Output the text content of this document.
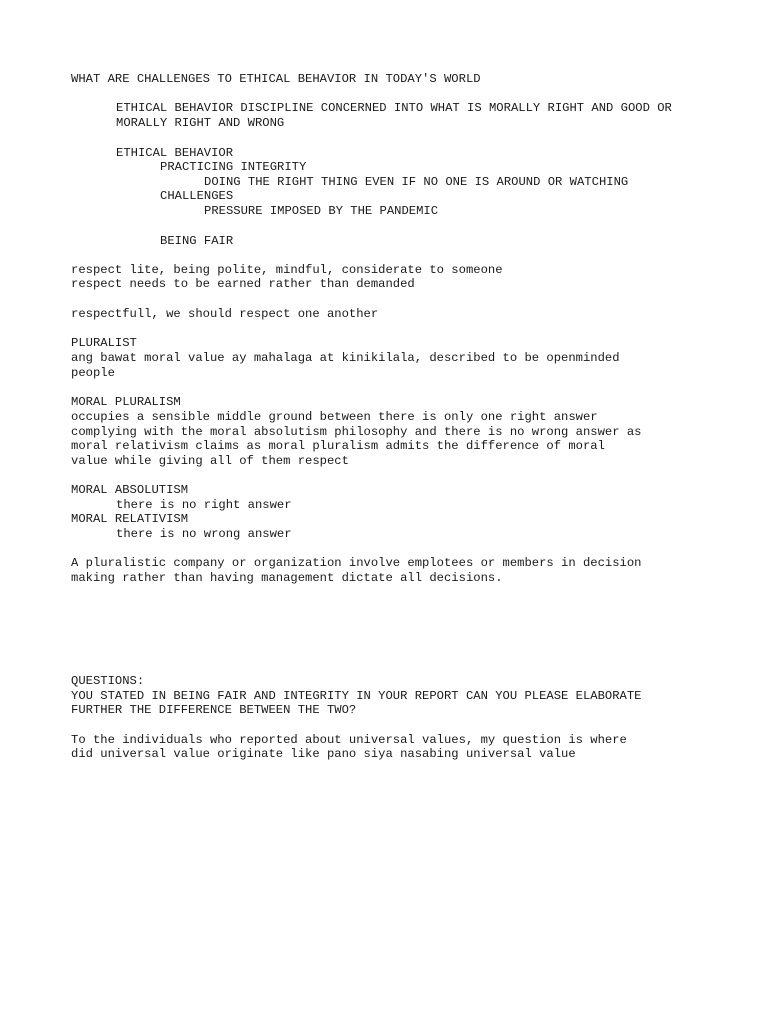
WHAT ARE CHALLENGES TO ETHICAL BEHAVIOR IN TODAY'S WORLD

ETHICAL BEHAVIOR DISCIPLINE CONCERNED INTO WHAT IS MORALLY RIGHT AND GOOD OR

MORALLY RIGHT AND WRONG

ETHICAL BEHAVIOR

PRACTICING INTEGRITY

DOING THE RIGHT THING EVEN IF NO ONE IS AROUND OR WATCHING

CHALLENGES

PRESSURE IMPOSED BY THE PANDEMIC

BEING FAIR

respect lite, being polite, mindful, considerate to someone

respect needs to be earned rather than demanded

respectfull, we should respect one another

PLURALIST

ang bawat moral value ay mahalaga at kinikilala, described to be openminded

people

MORAL PLURALISM

occupies a sensible middle ground between there is only one right answer

complying with the moral absolutism philosophy and there is no wrong answer as

moral relativism claims as moral pluralism admits the difference of moral

value while giving all of them respect

MORAL ABSOLUTISM

there is no right answer

MORAL RELATIVISM

there is no wrong answer

A pluralistic company or organization involve emplotees or members in decision

making rather than having management dictate all decisions.

QUESTIONS:

YOU STATED IN BEING FAIR AND INTEGRITY IN YOUR REPORT CAN YOU PLEASE ELABORATE

FURTHER THE DIFFERENCE BETWEEN THE TWO?

To the individuals who reported about universal values, my question is where

did universal value originate like pano siya nasabing universal value
